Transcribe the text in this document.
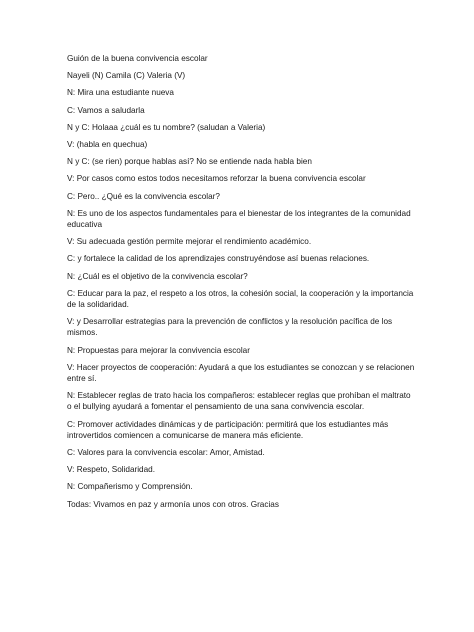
Guión de la buena convivencia escolar

Nayeli (N) Camila (C) Valeria (V)

N: Mira una estudiante nueva

C: Vamos a saludarla

N y C: Holaaa ¿cuál es tu nombre? (saludan a Valeria)

V: (habla en quechua)

N y C: (se rien) porque hablas así? No se entiende nada habla bien

V: Por casos como estos todos necesitamos reforzar la buena convivencia escolar

C: Pero.. ¿Qué es la convivencia escolar?

N: Es uno de los aspectos fundamentales para el bienestar de los integrantes de la comunidad educativa

V: Su adecuada gestión permite mejorar el rendimiento académico.

C: y fortalece la calidad de los aprendizajes construyéndose así buenas relaciones.

N: ¿Cuál es el objetivo de la convivencia escolar?

C: Educar para la paz, el respeto a los otros, la cohesión social, la cooperación y la importancia de la solidaridad.

V: y Desarrollar estrategias para la prevención de conflictos y la resolución pacífica de los mismos.

N: Propuestas para mejorar la convivencia escolar

V: Hacer proyectos de cooperación: Ayudará a que los estudiantes se conozcan y se relacionen entre sí.

N: Establecer reglas de trato hacia los compañeros: establecer reglas que prohíban el maltrato o el bullying ayudará a fomentar el pensamiento de una sana convivencia escolar.

C: Promover actividades dinámicas y de participación: permitirá que los estudiantes más introvertidos comiencen a comunicarse de manera más eficiente.

C: Valores para la convivencia escolar: Amor, Amistad.

V: Respeto, Solidaridad.

N: Compañerismo y Comprensión.

Todas: Vivamos en paz y armonía unos con otros. Gracias
